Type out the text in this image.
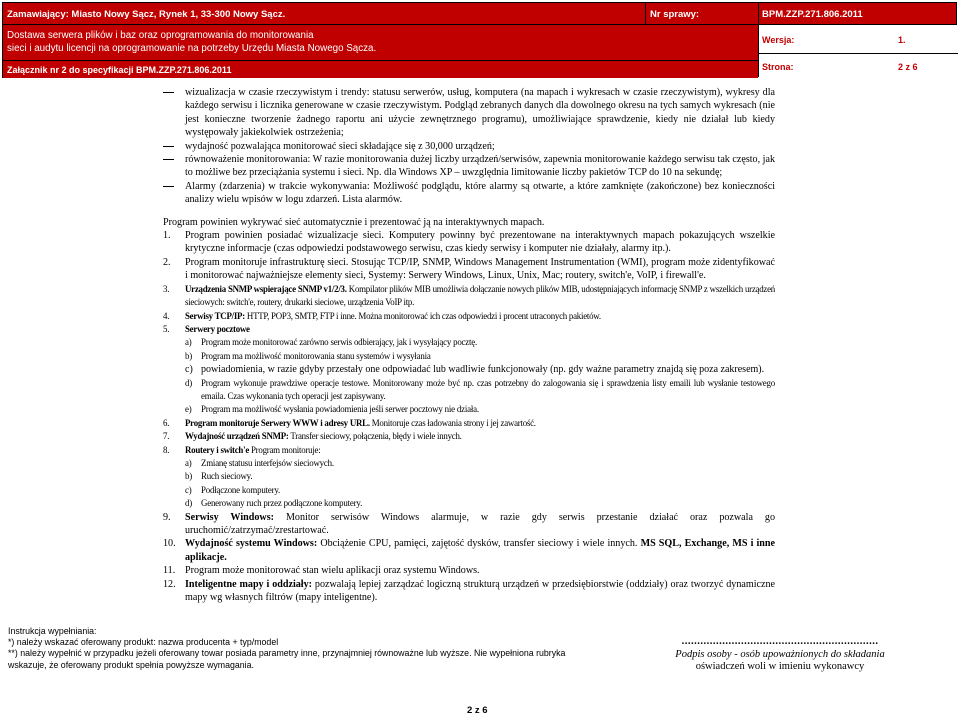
Zamawiający: Miasto Nowy Sącz, Rynek 1, 33-300 Nowy Sącz.	Nr sprawy:	BPM.ZZP.271.806.2011
Dostawa serwera plików i baz oraz oprogramowania do monitorowania
sieci i audytu licencji na oprogramowanie na potrzeby Urzędu Miasta Nowego Sącza.
Załącznik nr 2 do specyfikacji BPM.ZZP.271.806.2011
Wersja:	1.
Strona:	2 z 6
wizualizacja w czasie rzeczywistym i trendy: statusu serwerów, usług, komputera (na mapach i wykresach w czasie rzeczywistym), wykresy dla każdego serwisu i licznika generowane w czasie rzeczywistym. Podgląd zebranych danych dla dowolnego okresu na tych samych wykresach (nie jest konieczne tworzenie żadnego raportu ani użycie zewnętrznego programu), umożliwiające sprawdzenie, kiedy nie działał lub kiedy występowały jakiekolwiek ostrzeżenia;
wydajność pozwalająca monitorować sieci składające się z 30,000 urządzeń;
równoważenie monitorowania: W razie monitorowania dużej liczby urządzeń/serwisów, zapewnia monitorowanie każdego serwisu tak często, jak to możliwe bez przeciążania systemu i sieci. Np. dla Windows XP – uwzględnia limitowanie liczby pakietów TCP do 10 na sekundę;
Alarmy (zdarzenia) w trakcie wykonywania: Możliwość podglądu, które alarmy są otwarte, a które zamknięte (zakończone) bez konieczności analizy wielu wpisów w logu zdarzeń. Lista alarmów.
Program powinien wykrywać sieć automatycznie i prezentować ją na interaktywnych mapach.
1. Program powinien posiadać wizualizacje sieci. Komputery powinny być prezentowane na interaktywnych mapach pokazujących wszelkie krytyczne informacje (czas odpowiedzi podstawowego serwisu, czas kiedy serwisy i komputer nie działały, alarmy itp.).
2. Program monitoruje infrastrukturę sieci. Stosując TCP/IP, SNMP, Windows Management Instrumentation (WMI), program może zidentyfikować i monitorować najważniejsze elementy sieci, Systemy: Serwery Windows, Linux, Unix, Mac; routery, switch'e, VoIP, i firewall'e.
3. Urządzenia SNMP wspierające SNMP v1/2/3. Kompilator plików MIB umożliwia dołączanie nowych plików MIB, udostępniających informację SNMP z wszelkich urządzeń sieciowych: switch'e, routery, drukarki sieciowe, urządzenia VoIP itp.
4. Serwisy TCP/IP: HTTP, POP3, SMTP, FTP i inne. Można monitorować ich czas odpowiedzi i procent utraconych pakietów.
5. Serwery pocztowe
a) Program może monitorować zarówno serwis odbierający, jak i wysyłający pocztę.
b) Program ma możliwość monitorowania stanu systemów i wysyłania
c) powiadomienia, w razie gdyby przestały one odpowiadać lub wadliwie funkcjonowały (np. gdy ważne parametry znajdą się poza zakresem).
d) Program wykonuje prawdziwe operacje testowe. Monitorowany może być np. czas potrzebny do zalogowania się i sprawdzenia listy emaili lub wysłanie testowego emaila. Czas wykonania tych operacji jest zapisywany.
e) Program ma możliwość wysłania powiadomienia jeśli serwer pocztowy nie działa.
6. Program monitoruje Serwery WWW i adresy URL. Monitoruje czas ładowania strony i jej zawartość.
7. Wydajność urządzeń SNMP: Transfer sieciowy, połączenia, błędy i wiele innych.
8. Routery i switch'e Program monitoruje:
a) Zmianę statusu interfejsów sieciowych.
b) Ruch sieciowy.
c) Podłączone komputery.
d) Generowany ruch przez podłączone komputery.
9. Serwisy Windows: Monitor serwisów Windows alarmuje, w razie gdy serwis przestanie działać oraz pozwala go uruchomić/zatrzymać/zrestartować.
10. Wydajność systemu Windows: Obciążenie CPU, pamięci, zajętość dysków, transfer sieciowy i wiele innych. MS SQL, Exchange, MS i inne aplikacje.
11. Program może monitorować stan wielu aplikacji oraz systemu Windows.
12. Inteligentne mapy i oddziały: pozwalają lepiej zarządzać logiczną strukturą urządzeń w przedsiębiorstwie (oddziały) oraz tworzyć dynamiczne mapy wg własnych filtrów (mapy inteligentne).
Instrukcja wypełniania:
*) należy wskazać oferowany produkt: nazwa producenta + typ/model
**) należy wypełnić w przypadku jeżeli oferowany towar posiada parametry inne, przynajmniej równoważne lub wyższe. Nie wypełniona rubryka
wskazuje, że oferowany produkt spełnia powyższe wymagania.
...............................................................
Podpis osoby - osób upoważnionych do składania
oświadczeń woli w imieniu wykonawcy
2 z 6
